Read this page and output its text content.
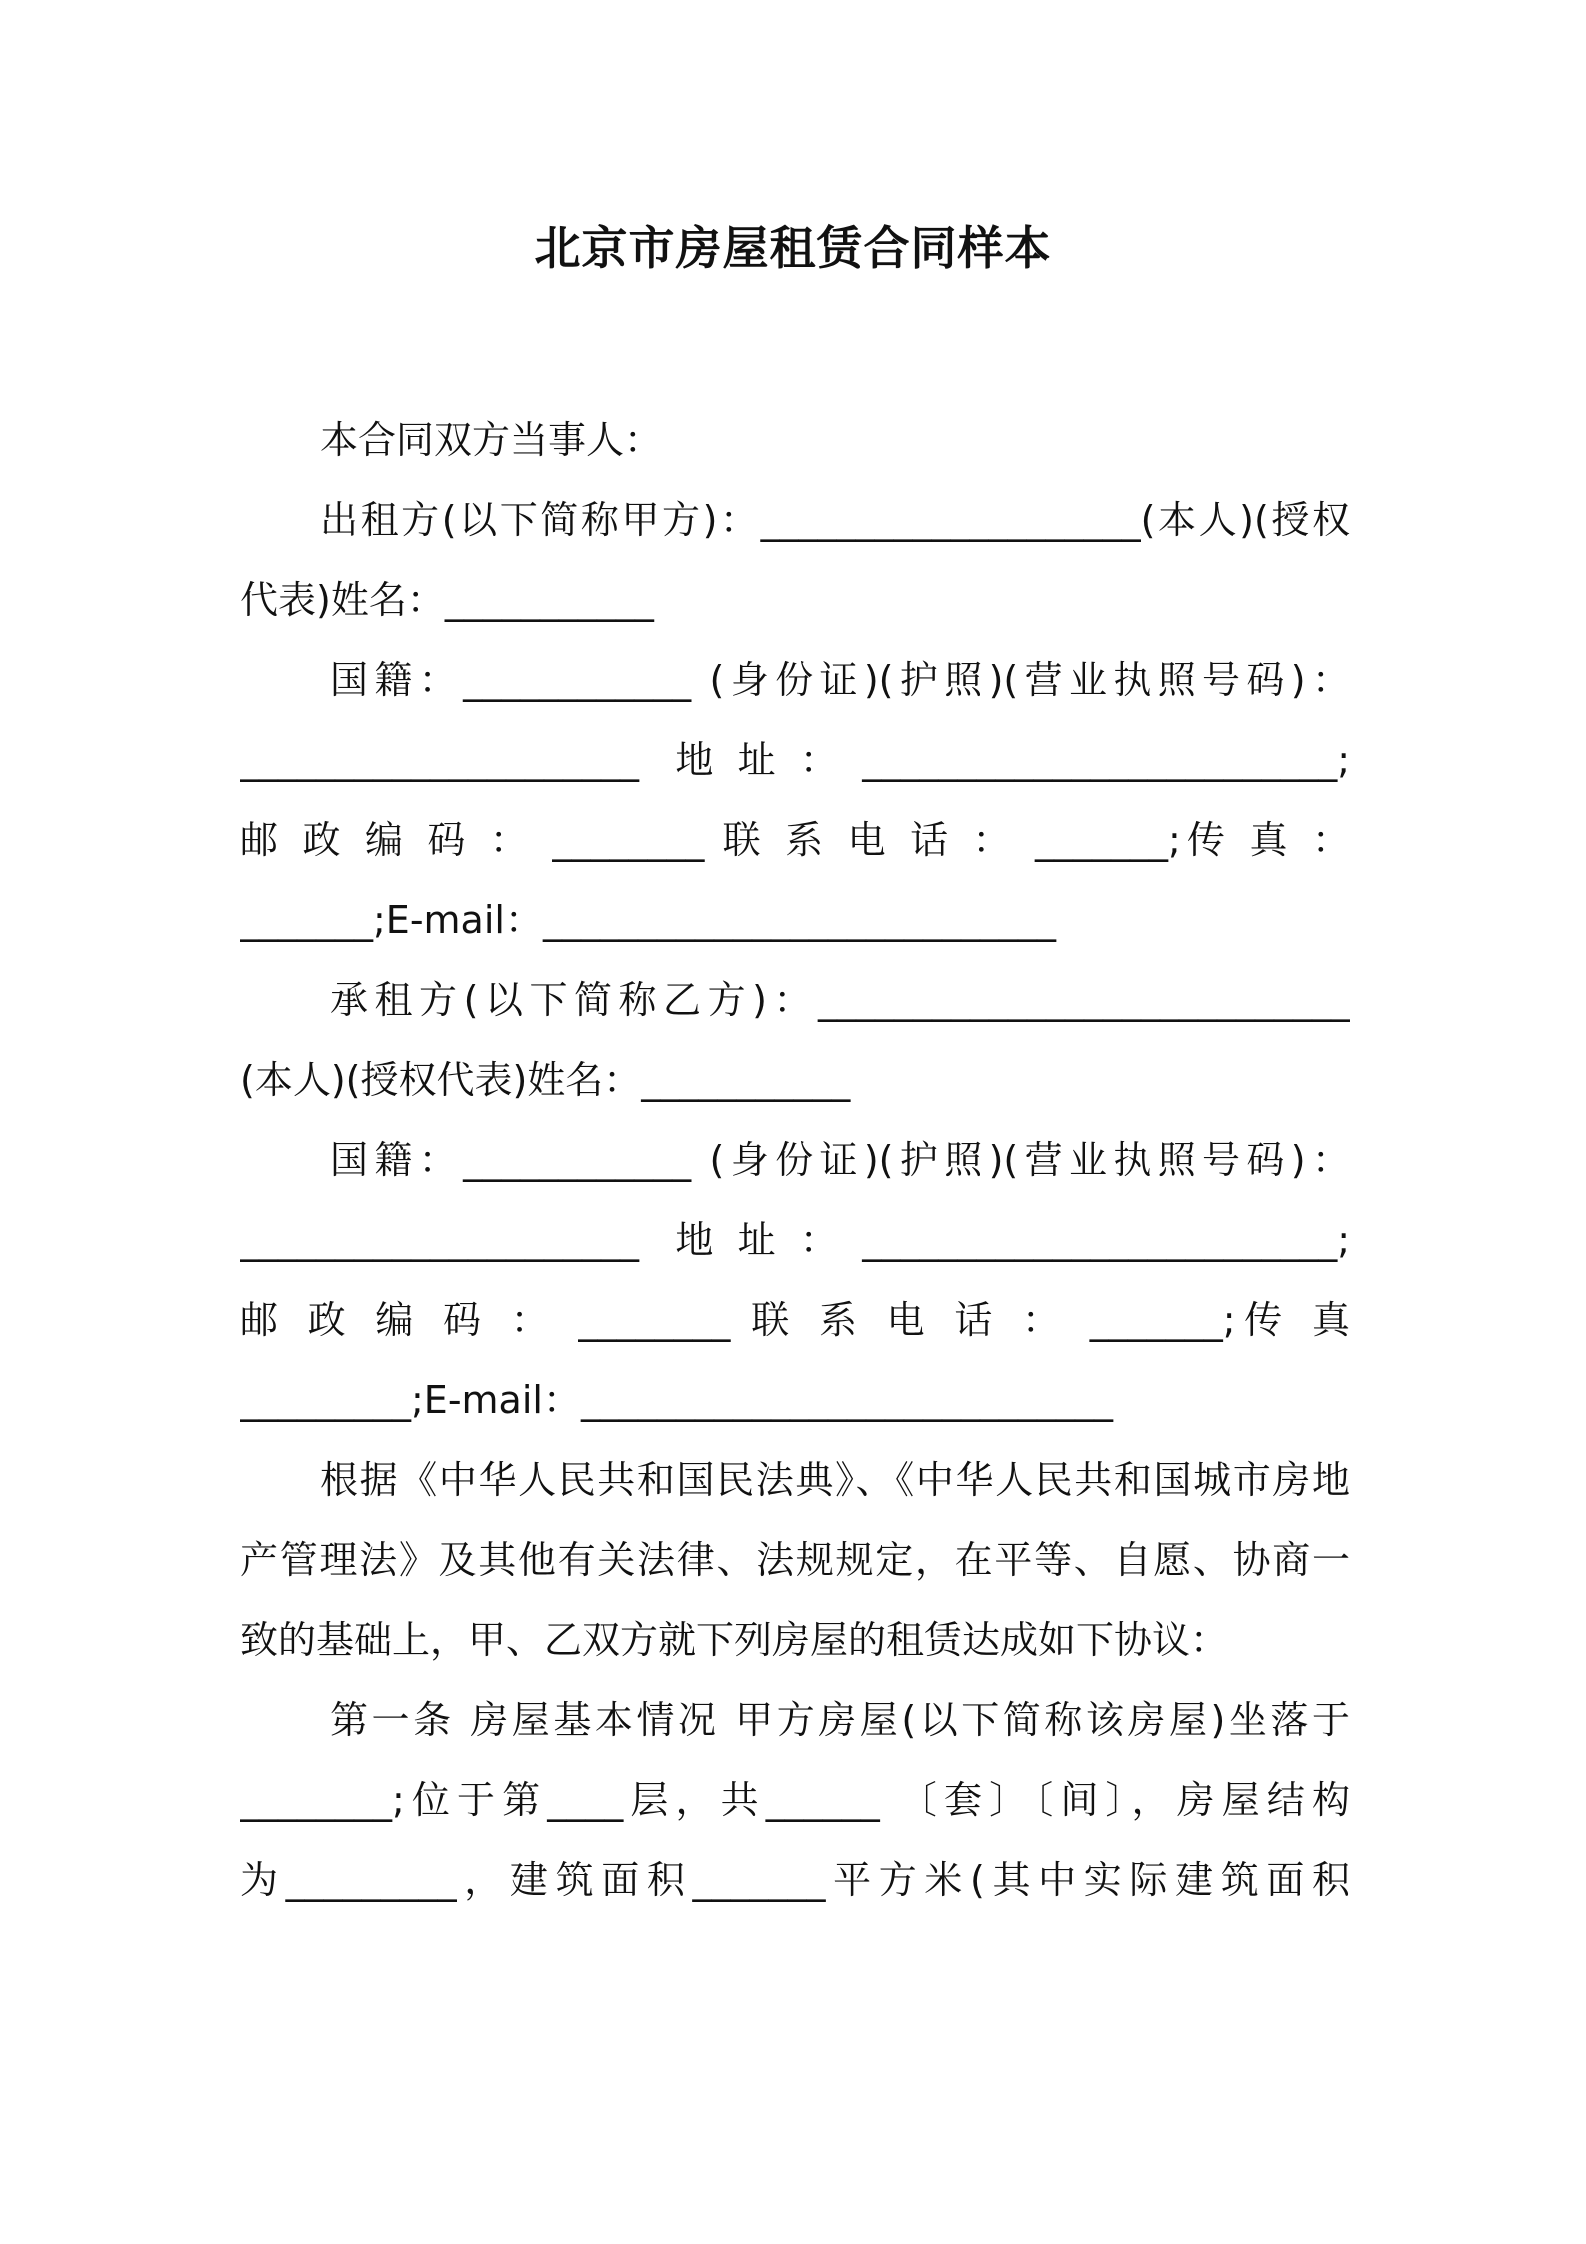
北京市房屋租赁合同样本
本合同双方当事人：
出租方(以下简称甲方)：____________________(本人)(授权
代表)姓名：___________
国籍：____________ (身份证)(护照)(营业执照号码)：
_____________________ 地址：_________________________;
邮 政 编 码 ： ________ 联 系 电 话 ： _______;传 真 ：
_______;E-mail：___________________________
承租方(以下简称乙方)：____________________________
(本人)(授权代表)姓名：___________
国籍：____________ (身份证)(护照)(营业执照号码)：
_____________________ 地址：_________________________;
邮 政 编 码 ： ________ 联 系 电 话 ： _______;传 真
_________;E-mail：____________________________
根据《中华人民共和国民法典》、《中华人民共和国城市房地
产管理法》及其他有关法律、法规规定，在平等、自愿、协商一
致的基础上，甲、乙双方就下列房屋的租赁达成如下协议：
第一条 房屋基本情况 甲方房屋(以下简称该房屋)坐落于
________;位于第____层，共______ 〔套〕〔间〕，房屋结构
为_________，建筑面积_______平方米(其中实际建筑面积
